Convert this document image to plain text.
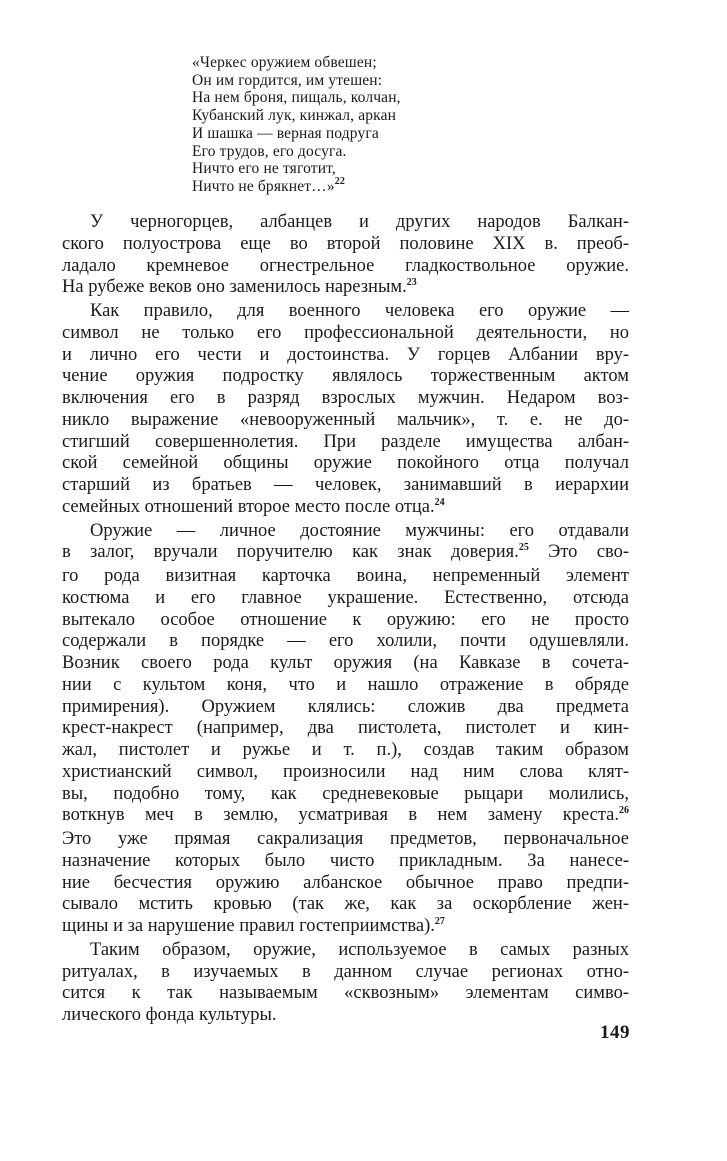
«Черкес оружием обвешен;
Он им гордится, им утешен:
На нем броня, пищаль, колчан,
Кубанский лук, кинжал, аркан
И шашка — верная подруга
Его трудов, его досуга.
Ничто его не тяготит,
Ничто не брякнет…»$^{22}$
У черногорцев, албанцев и других народов Балкан-
ского полуострова еще во второй половине XIX в. преоб-
ладало кремневое огнестрельное гладкоствольное оружие.
На рубеже веков оно заменилось нарезным.$^{23}$
Как правило, для военного человека его оружие —
символ не только его профессиональной деятельности, но
и лично его чести и достоинства. У горцев Албании вру-
чение оружия подростку являлось торжественным актом
включения его в разряд взрослых мужчин. Недаром воз-
никло выражение «невооруженный мальчик», т. е. не до-
стигший совершеннолетия. При разделе имущества албан-
ской семейной общины оружие покойного отца получал
старший из братьев — человек, занимавший в иерархии
семейных отношений второе место после отца.$^{24}$
Оружие — личное достояние мужчины: его отдавали
в залог, вручали поручителю как знак доверия.$^{25}$ Это сво-
го рода визитная карточка воина, непременный элемент
костюма и его главное украшение. Естественно, отсюда
вытекало особое отношение к оружию: его не просто
содержали в порядке — его холили, почти одушевляли.
Возник своего рода культ оружия (на Кавказе в сочета-
нии с культом коня, что и нашло отражение в обряде
примирения). Оружием клялись: сложив два предмета
крест-накрест (например, два пистолета, пистолет и кин-
жал, пистолет и ружье и т. п.), создав таким образом
христианский символ, произносили над ним слова клят-
вы, подобно тому, как средневековые рыцари молились,
воткнув меч в землю, усматривая в нем замену креста.$^{26}$
Это уже прямая сакрализация предметов, первоначальное
назначение которых было чисто прикладным. За нанесе-
ние бесчестия оружию албанское обычное право предпи-
сывало мстить кровью (так же, как за оскорбление жен-
щины и за нарушение правил гостеприимства).$^{27}$
Таким образом, оружие, используемое в самых разных
ритуалах, в изучаемых в данном случае регионах отно-
сится к так называемым «сквозным» элементам симво-
лического фонда культуры.
149
